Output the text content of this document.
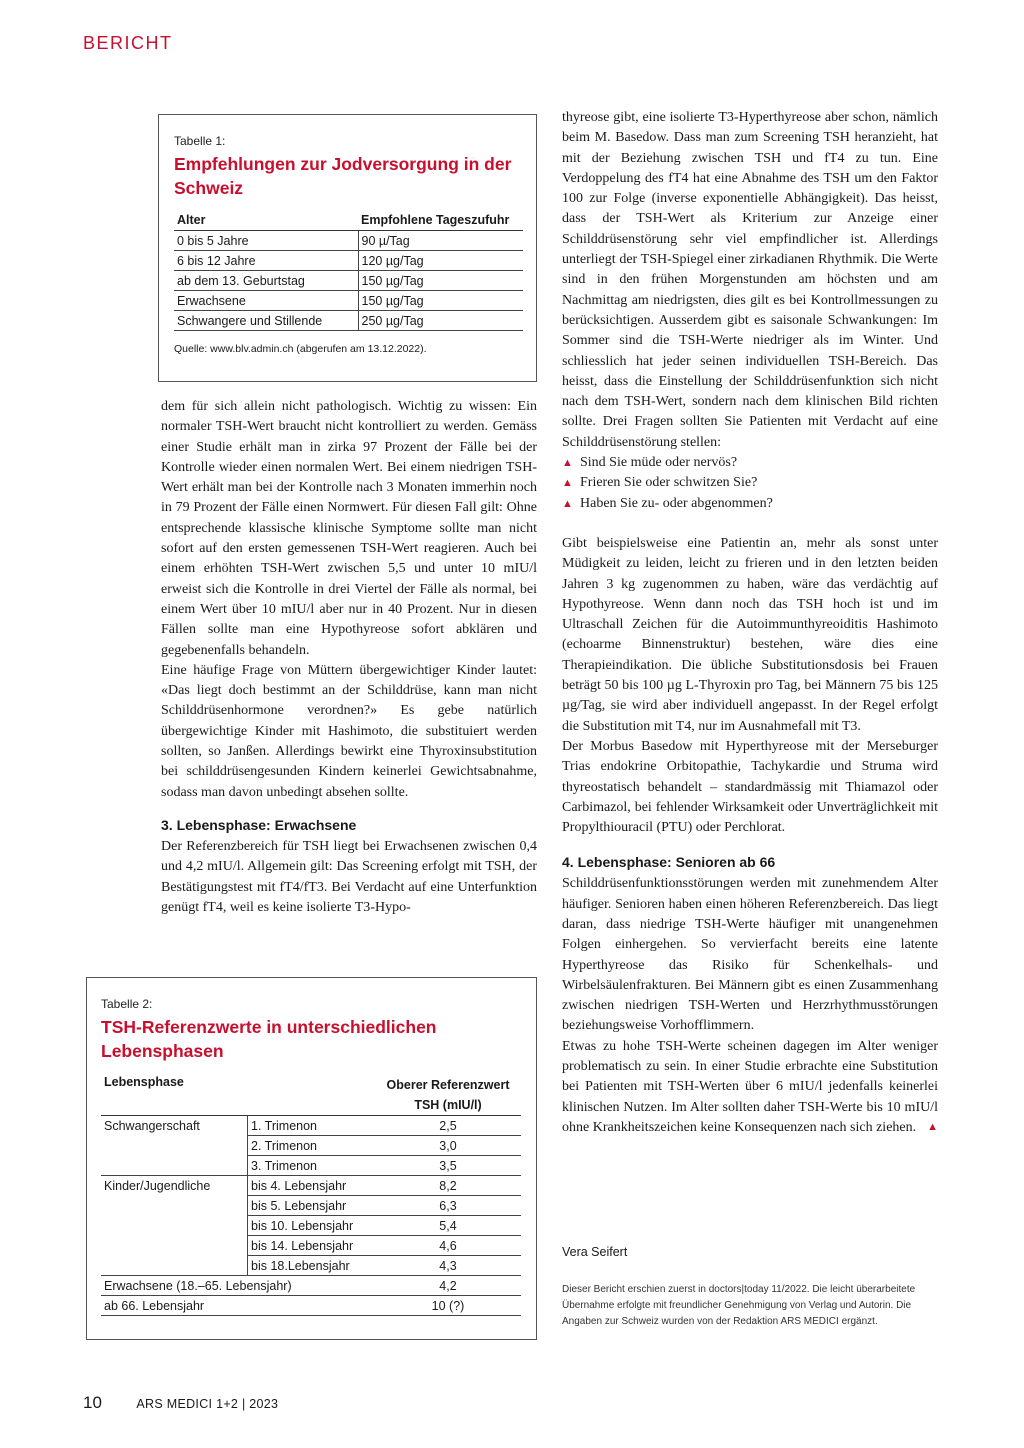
BERICHT
Tabelle 1:
Empfehlungen zur Jodversorgung in der Schweiz
Alter	Empfohlene Tageszufuhr
0 bis 5 Jahre	90 µ/Tag
6 bis 12 Jahre	120 µg/Tag
ab dem 13. Geburtstag	150 µg/Tag
Erwachsene	150 µg/Tag
Schwangere und Stillende	250 µg/Tag
Quelle: www.blv.admin.ch (abgerufen am 13.12.2022).

dem für sich allein nicht pathologisch. Wichtig zu wissen: Ein normaler TSH-Wert braucht nicht kontrolliert zu werden. Gemäss einer Studie erhält man in zirka 97 Prozent der Fälle bei der Kontrolle wieder einen normalen Wert. Bei einem niedrigen TSH-Wert erhält man bei der Kontrolle nach 3 Monaten immerhin noch in 79 Prozent der Fälle einen Normwert. Für diesen Fall gilt: Ohne entsprechende klassische klinische Symptome sollte man nicht sofort auf den ersten gemessenen TSH-Wert reagieren. Auch bei einem erhöhten TSH-Wert zwischen 5,5 und unter 10 mIU/l erweist sich die Kontrolle in drei Viertel der Fälle als normal, bei einem Wert über 10 mIU/l aber nur in 40 Prozent. Nur in diesen Fällen sollte man eine Hypothyreose sofort abklären und gegebenenfalls behandeln.

Eine häufige Frage von Müttern übergewichtiger Kinder lautet: «Das liegt doch bestimmt an der Schilddrüse, kann man nicht Schilddrüsenhormone verordnen?» Es gebe natürlich übergewichtige Kinder mit Hashimoto, die substituiert werden sollten, so Janßen. Allerdings bewirkt eine Thyroxinsubstitution bei schilddrüsengesunden Kindern keinerlei Gewichtsabnahme, sodass man davon unbedingt absehen sollte.

3. Lebensphase: Erwachsene

Der Referenzbereich für TSH liegt bei Erwachsenen zwischen 0,4 und 4,2 mIU/l. Allgemein gilt: Das Screening erfolgt mit TSH, der Bestätigungstest mit fT4/fT3. Bei Verdacht auf eine Unterfunktion genügt fT4, weil es keine isolierte T3-Hypo-

Tabelle 2:
TSH-Referenzwerte in unterschiedlichen Lebensphasen
Lebensphase		Oberer Referenzwert TSH (mIU/l)
Schwangerschaft	1. Trimenon	2,5
	2. Trimenon	3,0
	3. Trimenon	3,5
Kinder/Jugendliche	bis 4. Lebensjahr	8,2
	bis 5. Lebensjahr	6,3
	bis 10. Lebensjahr	5,4
	bis 14. Lebensjahr	4,6
	bis 18.Lebensjahr	4,3
Erwachsene (18.–65. Lebensjahr)		4,2
ab 66. Lebensjahr		10 (?)

thyreose gibt, eine isolierte T3-Hyperthyreose aber schon, nämlich beim M. Basedow. Dass man zum Screening TSH heranzieht, hat mit der Beziehung zwischen TSH und fT4 zu tun. Eine Verdoppelung des fT4 hat eine Abnahme des TSH um den Faktor 100 zur Folge (inverse exponentielle Abhängigkeit). Das heisst, dass der TSH-Wert als Kriterium zur Anzeige einer Schilddrüsenstörung sehr viel empfindlicher ist. Allerdings unterliegt der TSH-Spiegel einer zirkadianen Rhythmik. Die Werte sind in den frühen Morgenstunden am höchsten und am Nachmittag am niedrigsten, dies gilt es bei Kontrollmessungen zu berücksichtigen. Ausserdem gibt es saisonale Schwankungen: Im Sommer sind die TSH-Werte niedriger als im Winter. Und schliesslich hat jeder seinen individuellen TSH-Bereich. Das heisst, dass die Einstellung der Schilddrüsenfunktion sich nicht nach dem TSH-Wert, sondern nach dem klinischen Bild richten sollte. Drei Fragen sollten Sie Patienten mit Verdacht auf eine Schilddrüsenstörung stellen:

▲ Sind Sie müde oder nervös?
▲ Frieren Sie oder schwitzen Sie?
▲ Haben Sie zu- oder abgenommen?

Gibt beispielsweise eine Patientin an, mehr als sonst unter Müdigkeit zu leiden, leicht zu frieren und in den letzten beiden Jahren 3 kg zugenommen zu haben, wäre das verdächtig auf Hypothyreose. Wenn dann noch das TSH hoch ist und im Ultraschall Zeichen für die Autoimmunthyreoiditis Hashimoto (echoarme Binnenstruktur) bestehen, wäre dies eine Therapieindikation. Die übliche Substitutionsdosis bei Frauen beträgt 50 bis 100 µg L-Thyroxin pro Tag, bei Männern 75 bis 125 µg/Tag, sie wird aber individuell angepasst. In der Regel erfolgt die Substitution mit T4, nur im Ausnahmefall mit T3.

Der Morbus Basedow mit Hyperthyreose mit der Merseburger Trias endokrine Orbitopathie, Tachykardie und Struma wird thyreostatisch behandelt – standardmässig mit Thiamazol oder Carbimazol, bei fehlender Wirksamkeit oder Unverträglichkeit mit Propylthiouracil (PTU) oder Perchlorat.

4. Lebensphase: Senioren ab 66

Schilddrüsenfunktionsstörungen werden mit zunehmendem Alter häufiger. Senioren haben einen höheren Referenzbereich. Das liegt daran, dass niedrige TSH-Werte häufiger mit unangenehmen Folgen einhergehen. So vervierfacht bereits eine latente Hyperthyreose das Risiko für Schenkelhals- und Wirbelsäulenfrakturen. Bei Männern gibt es einen Zusammenhang zwischen niedrigen TSH-Werten und Herzrhythmusstörungen beziehungsweise Vorhofflimmern.

Etwas zu hohe TSH-Werte scheinen dagegen im Alter weniger problematisch zu sein. In einer Studie erbrachte eine Substitution bei Patienten mit TSH-Werten über 6 mIU/l jedenfalls keinerlei klinischen Nutzen. Im Alter sollten daher TSH-Werte bis 10 mIU/l ohne Krankheitszeichen keine Konsequenzen nach sich ziehen. ▲

Vera Seifert
Dieser Bericht erschien zuerst in doctors|today 11/2022. Die leicht überarbeitete Übernahme erfolgte mit freundlicher Genehmigung von Verlag und Autorin. Die Angaben zur Schweiz wurden von der Redaktion ARS MEDICI ergänzt.
10	ARS MEDICI 1+2 | 2023
